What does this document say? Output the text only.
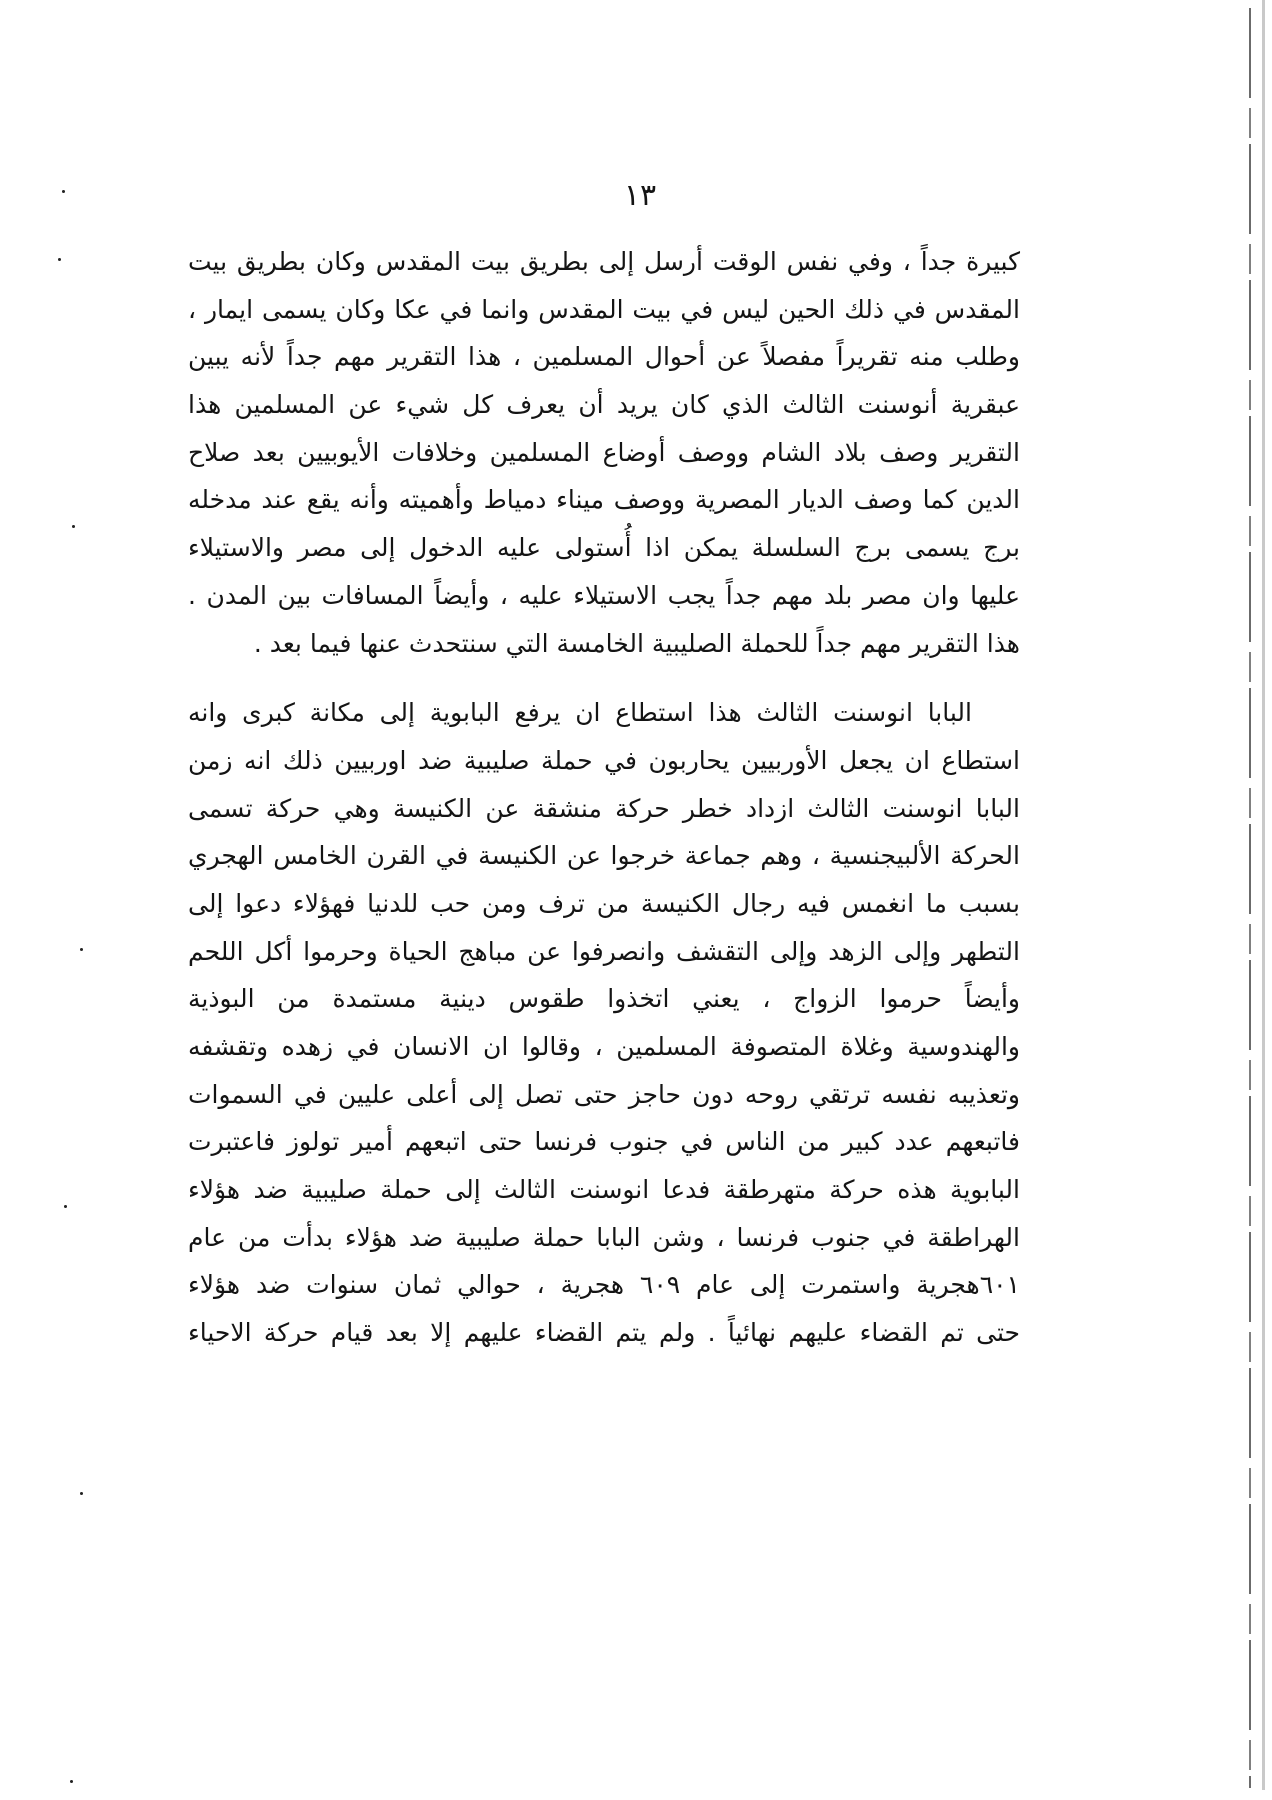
١٣
كبيرة جداً ، وفي نفس الوقت أرسل إلى بطريق بيت المقدس وكان بطريق بيت
المقدس في ذلك الحين ليس في بيت المقدس وانما في عكا وكان يسمى ايمار ،
وطلب منه تقريراً مفصلاً عن أحوال المسلمين ، هذا التقرير مهم جداً لأنه يبين
عبقرية أنوسنت الثالث الذي كان يريد أن يعرف كل شيء عن المسلمين هذا
التقرير وصف بلاد الشام ووصف أوضاع المسلمين وخلافات الأيوبيين بعد صلاح
الدين كما وصف الديار المصرية ووصف ميناء دمياط وأهميته وأنه يقع عند مدخله
برج يسمى برج السلسلة يمكن اذا أُستولى عليه الدخول إلى مصر والاستيلاء
عليها وان مصر بلد مهم جداً يجب الاستيلاء عليه ، وأيضاً المسافات بين المدن .
هذا التقرير مهم جداً للحملة الصليبية الخامسة التي سنتحدث عنها فيما بعد .
البابا انوسنت الثالث هذا استطاع ان يرفع البابوية إلى مكانة كبرى وانه
استطاع ان يجعل الأوربيين يحاربون في حملة صليبية ضد اوربيين ذلك انه زمن
البابا انوسنت الثالث ازداد خطر حركة منشقة عن الكنيسة وهي حركة تسمى
الحركة الألبيجنسية ، وهم جماعة خرجوا عن الكنيسة في القرن الخامس الهجري
بسبب ما انغمس فيه رجال الكنيسة من ترف ومن حب للدنيا فهؤلاء دعوا إلى
التطهر وإلى الزهد وإلى التقشف وانصرفوا عن مباهج الحياة وحرموا أكل اللحم
وأيضاً حرموا الزواج ، يعني اتخذوا طقوس دينية مستمدة من البوذية
والهندوسية وغلاة المتصوفة المسلمين ، وقالوا ان الانسان في زهده وتقشفه
وتعذيبه نفسه ترتقي روحه دون حاجز حتى تصل إلى أعلى عليين في السموات
فاتبعهم عدد كبير من الناس في جنوب فرنسا حتى اتبعهم أمير تولوز فاعتبرت
البابوية هذه حركة متهرطقة فدعا انوسنت الثالث إلى حملة صليبية ضد هؤلاء
الهراطقة في جنوب فرنسا ، وشن البابا حملة صليبية ضد هؤلاء بدأت من عام
٦٠١هجرية واستمرت إلى عام ٦٠٩ هجرية ، حوالي ثمان سنوات ضد هؤلاء
حتى تم القضاء عليهم نهائياً . ولم يتم القضاء عليهم إلا بعد قيام حركة الاحياء
